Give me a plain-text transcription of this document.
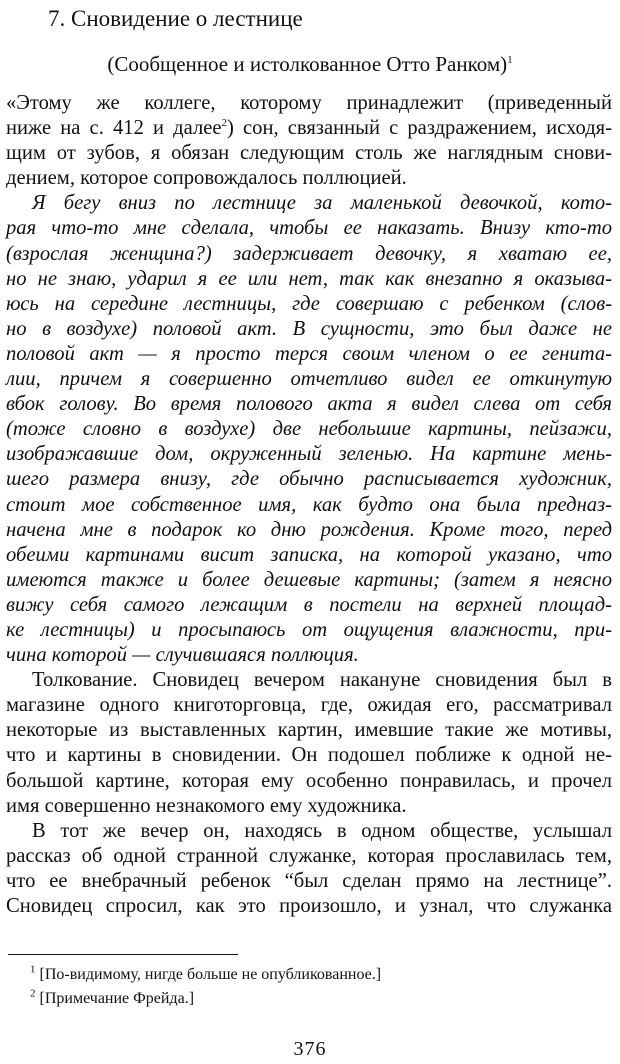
7. Сновидение о лестнице
(Сообщенное и истолкованное Отто Ранком)$^1$
«Этому же коллеге, которому принадлежит (приведенный
ниже на с. 412 и далее$^2$) сон, связанный с раздражением, исходя-
щим от зубов, я обязан следующим столь же наглядным снови-
дением, которое сопровождалось поллюцией.
Я бегу вниз по лестнице за маленькой девочкой, кото-
рая что-то мне сделала, чтобы ее наказать. Внизу кто-то
(взрослая женщина?) задерживает девочку, я хватаю ее,
но не знаю, ударил я ее или нет, так как внезапно я оказыва-
юсь на середине лестницы, где совершаю с ребенком (слов-
но в воздухе) половой акт. В сущности, это был даже не
половой акт — я просто терся своим членом о ее генита-
лии, причем я совершенно отчетливо видел ее откинутую
вбок голову. Во время полового акта я видел слева от себя
(тоже словно в воздухе) две небольшие картины, пейзажи,
изображавшие дом, окруженный зеленью. На картине мень-
шего размера внизу, где обычно расписывается художник,
стоит мое собственное имя, как будто она была предназ-
начена мне в подарок ко дню рождения. Кроме того, перед
обеими картинами висит записка, на которой указано, что
имеются также и более дешевые картины; (затем я неясно
вижу себя самого лежащим в постели на верхней площад-
ке лестницы) и просыпаюсь от ощущения влажности, при-
чина которой — случившаяся поллюция.
Толкование. Сновидец вечером накануне сновидения был в
магазине одного книготорговца, где, ожидая его, рассматривал
некоторые из выставленных картин, имевшие такие же мотивы,
что и картины в сновидении. Он подошел поближе к одной не-
большой картине, которая ему особенно понравилась, и прочел
имя совершенно незнакомого ему художника.
В тот же вечер он, находясь в одном обществе, услышал
рассказ об одной странной служанке, которая прославилась тем,
что ее внебрачный ребенок “был сделан прямо на лестнице”.
Сновидец спросил, как это произошло, и узнал, что служанка
$^1$ [По-видимому, нигде больше не опубликованное.]
$^2$ [Примечание Фрейда.]
376
